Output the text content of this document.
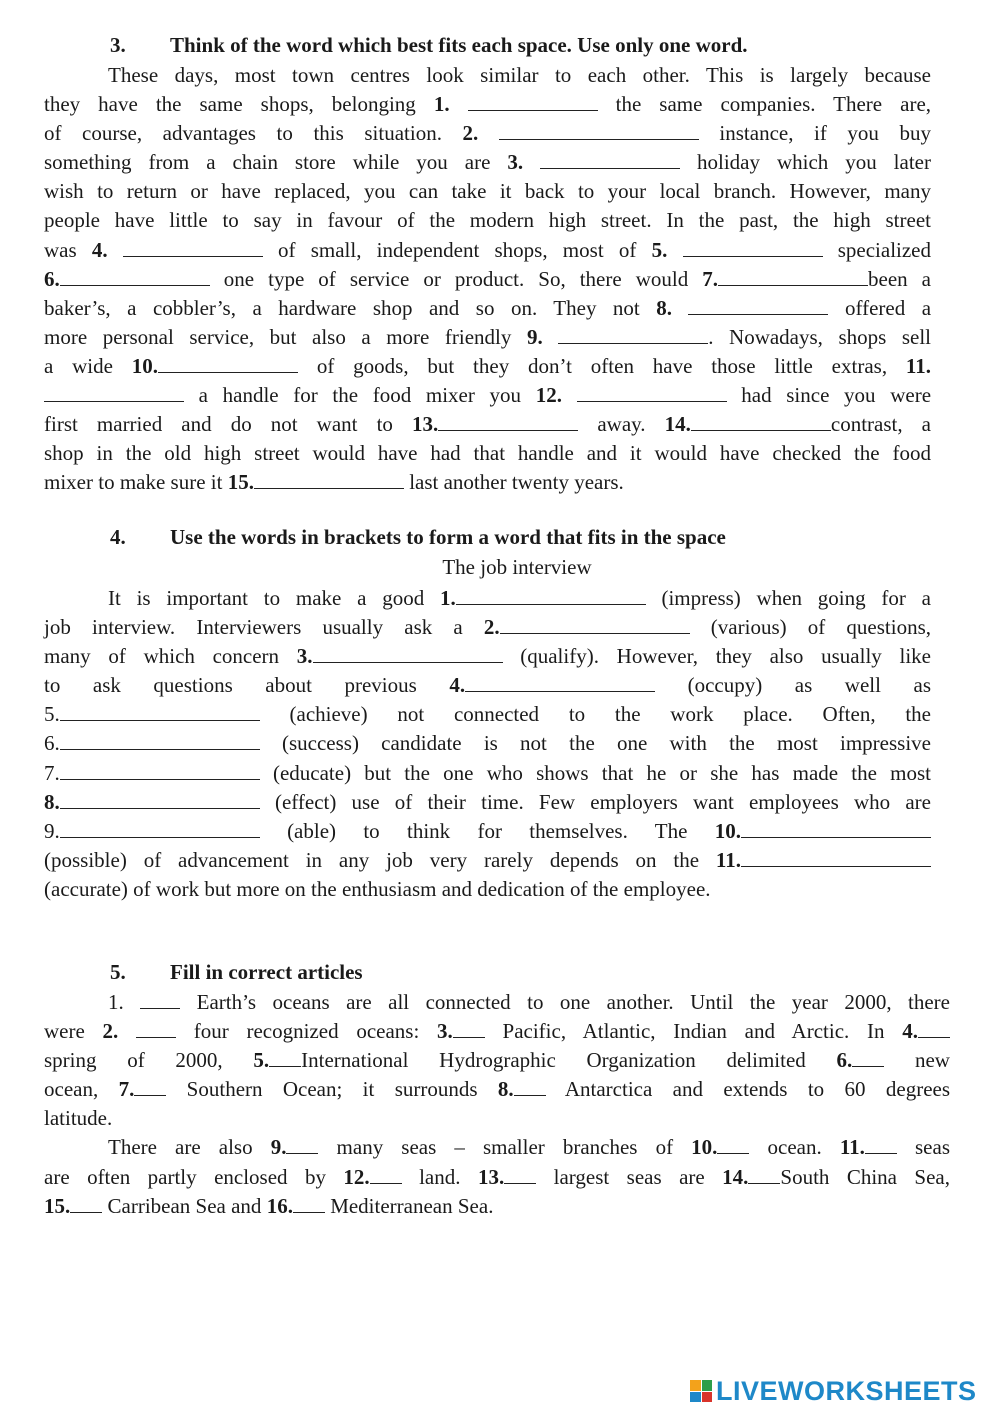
3. Think of the word which best fits each space. Use only one word.
These days, most town centres look similar to each other. This is largely because
they have the same shops, belonging 1.	the same companies. There are,
of course, advantages to this situation. 2.	instance, if you buy
something from a chain store while you are 3.	holiday which you later
wish to return or have replaced, you can take it back to your local branch. However, many
people have little to say in favour of the modern high street. In the past, the high street
was 4.	of small, independent shops, most of 5.	specialized
6.	one type of service or product. So, there would 7.	been a
baker’s, a cobbler’s, a hardware shop and so on. They not 8.	offered a
more personal service, but also a more friendly 9.	. Nowadays, shops sell
a wide 10.	of goods, but they don’t often have those little extras, 11.
a handle for the food mixer you 12.	had since you were
first married and do not want to 13.	away. 14.	contrast, a
shop in the old high street would have had that handle and it would have checked the food
mixer to make sure it 15.	last another twenty years.
4. Use the words in brackets to form a word that fits in the space
The job interview
It is important to make a good 1.	(impress) when going for a
job interview. Interviewers usually ask a 2.	(various) of questions,
many of which concern 3.	(qualify). However, they also usually like
to ask questions about previous 4.	(occupy) as well as
5.	(achieve) not connected to the work place. Often, the
6.	(success) candidate is not the one with the most impressive
7.	(educate) but the one who shows that he or she has made the most
8.	(effect) use of their time. Few employers want employees who are
9.	(able) to think for themselves. The 10.
(possible) of advancement in any job very rarely depends on the 11.
(accurate) of work but more on the enthusiasm and dedication of the employee.
5. Fill in correct articles
1.	Earth’s oceans are all connected to one another. Until the year 2000, there
were 2.	four recognized oceans: 3. Pacific, Atlantic, Indian and Arctic. In 4.
spring of 2000, 5. International Hydrographic Organization delimited 6. new
ocean, 7. Southern Ocean; it surrounds 8. Antarctica and extends to 60 degrees
latitude.
There are also 9. many seas – smaller branches of 10. ocean. 11. seas
are often partly enclosed by 12. land. 13. largest seas are 14. South China Sea,
15. Carribean Sea and 16. Mediterranean Sea.
LIVEWORKSHEETS
